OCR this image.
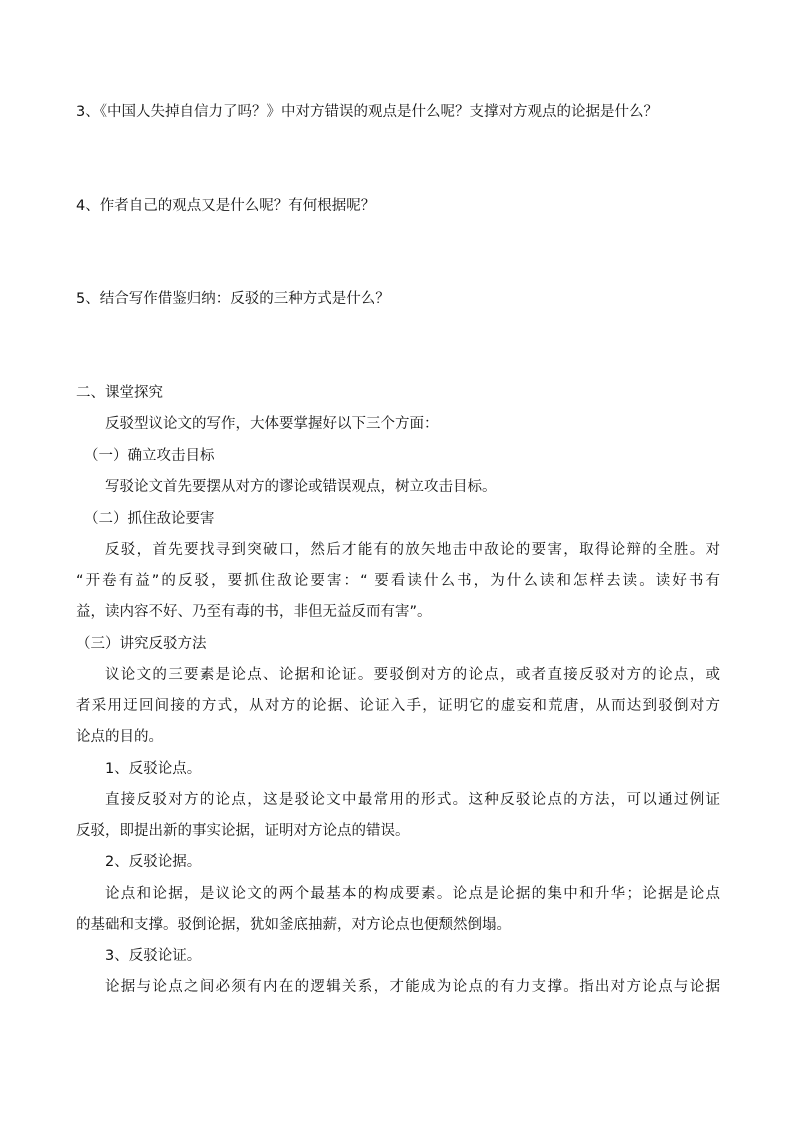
3、《中国人失掉自信力了吗？》中对方错误的观点是什么呢？支撑对方观点的论据是什么？

4、作者自己的观点又是什么呢？有何根据呢？

5、结合写作借鉴归纳：反驳的三种方式是什么？

二、课堂探究

反驳型议论文的写作，大体要掌握好以下三个方面：

（一）确立攻击目标

写驳论文首先要摆从对方的谬论或错误观点，树立攻击目标。

（二）抓住敌论要害

反驳，首先要找寻到突破口，然后才能有的放矢地击中敌论的要害，取得论辩的全胜。对

“开卷有益”的反驳，要抓住敌论要害：“ 要看读什么书，为什么读和怎样去读。读好书有

益，读内容不好、乃至有毒的书，非但无益反而有害”。

（三）讲究反驳方法

议论文的三要素是论点、论据和论证。要驳倒对方的论点，或者直接反驳对方的论点，或

者采用迂回间接的方式，从对方的论据、论证入手，证明它的虚妄和荒唐，从而达到驳倒对方

论点的目的。

1、反驳论点。

直接反驳对方的论点，这是驳论文中最常用的形式。这种反驳论点的方法，可以通过例证

反驳，即提出新的事实论据，证明对方论点的错误。

2、反驳论据。

论点和论据，是议论文的两个最基本的构成要素。论点是论据的集中和升华；论据是论点

的基础和支撑。驳倒论据，犹如釜底抽薪，对方论点也便颓然倒塌。

3、反驳论证。

论据与论点之间必须有内在的逻辑关系，才能成为论点的有力支撑。指出对方论点与论据
